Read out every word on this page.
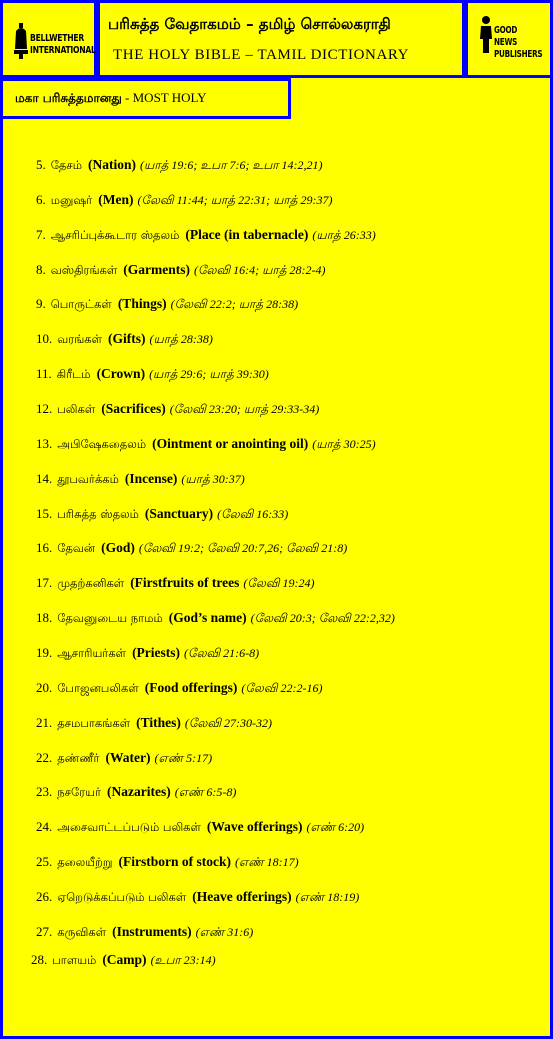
BELLWETHER
INTERNATIONAL
பரிசுத்த வேதாகமம் – தமிழ் சொல்லகராதி
THE HOLY BIBLE – TAMIL DICTIONARY
GOOD NEWS
PUBLISHERS
5. தேசம் (Nation) (யாத் 19:6; உபா 7:6; உபா 14:2,21)
6. மனுஷர் (Men) (லேவி 11:44; யாத் 22:31; யாத் 29:37)
7. ஆசரிப்புக்கூடார ஸ்தலம் (Place (in tabernacle) (யாத் 26:33)
8. வஸ்திரங்கள் (Garments) (லேவி 16:4; யாத் 28:2-4)
9. பொருட்கள் (Things) (லேவி 22:2; யாத் 28:38)
10. வரங்கள் (Gifts) (யாத் 28:38)
11. கிரீடம் (Crown) (யாத் 29:6; யாத் 39:30)
12. பலிகள் (Sacrifices) (லேவி 23:20; யாத் 29:33-34)
13. அபிஷேகதைலம் (Ointment or anointing oil) (யாத் 30:25)
14. தூபவர்க்கம் (Incense) (யாத் 30:37)
15. பரிசுத்த ஸ்தலம் (Sanctuary) (லேவி 16:33)
16. தேவன் (God) (லேவி 19:2; லேவி 20:7,26; லேவி 21:8)
17. முதற்கனிகள் (Firstfruits of trees (லேவி 19:24)
18. தேவனுடைய நாமம் (God’s name) (லேவி 20:3; லேவி 22:2,32)
19. ஆசாரியர்கள் (Priests) (லேவி 21:6-8)
20. போஜனபலிகள் (Food offerings) (லேவி 22:2-16)
21. தசமபாகங்கள் (Tithes) (லேவி 27:30-32)
22. தண்ணீர் (Water) (எண் 5:17)
23. நசரேயர் (Nazarites) (எண் 6:5-8)
24. அசைவாட்டப்படும் பலிகள் (Wave offerings) (எண் 6:20)
25. தலையீற்று (Firstborn of stock) (எண் 18:17)
26. ஏறெடுக்கப்படும் பலிகள் (Heave offerings) (எண் 18:19)
27. கருவிகள் (Instruments) (எண் 31:6)
28. பாளயம் (Camp) (உபா 23:14)
மகா பரிசுத்தமானது - MOST HOLY
